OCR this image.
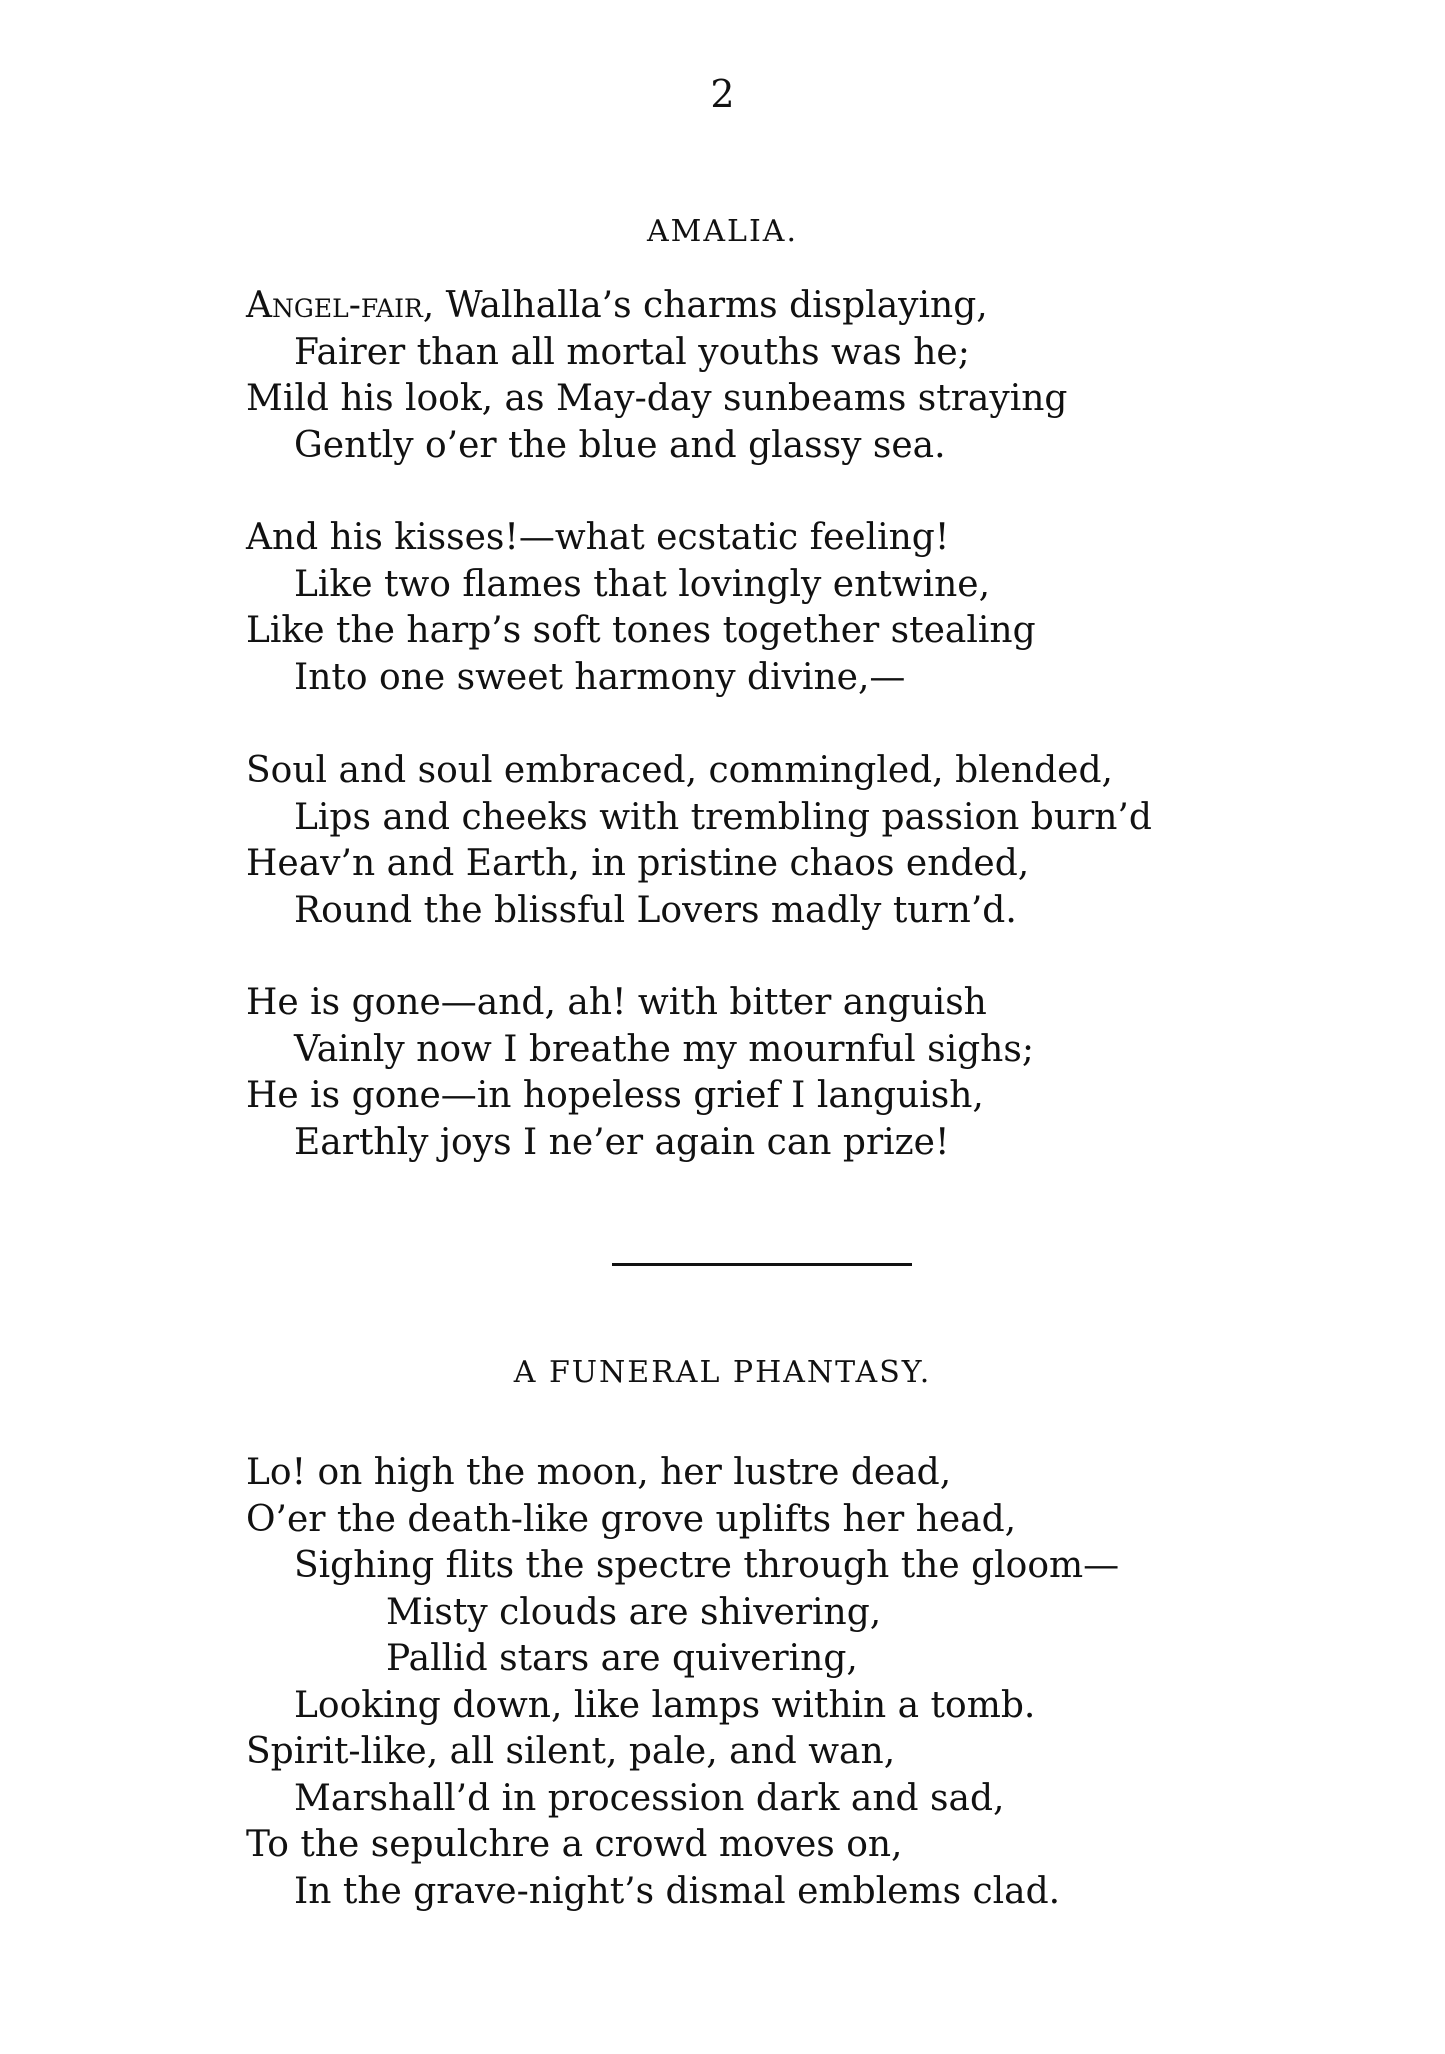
2
AMALIA.
Angel-fair, Walhalla’s charms displaying,
Fairer than all mortal youths was he;
Mild his look, as May-day sunbeams straying
Gently o’er the blue and glassy sea.
And his kisses!—what ecstatic feeling!
Like two flames that lovingly entwine,
Like the harp’s soft tones together stealing
Into one sweet harmony divine,—
Soul and soul embraced, commingled, blended,
Lips and cheeks with trembling passion burn’d
Heav’n and Earth, in pristine chaos ended,
Round the blissful Lovers madly turn’d.
He is gone—and, ah! with bitter anguish
Vainly now I breathe my mournful sighs;
He is gone—in hopeless grief I languish,
Earthly joys I ne’er again can prize!
A FUNERAL PHANTASY.
Lo! on high the moon, her lustre dead,
O’er the death-like grove uplifts her head,
Sighing flits the spectre through the gloom—
Misty clouds are shivering,
Pallid stars are quivering,
Looking down, like lamps within a tomb.
Spirit-like, all silent, pale, and wan,
Marshall’d in procession dark and sad,
To the sepulchre a crowd moves on,
In the grave-night’s dismal emblems clad.
